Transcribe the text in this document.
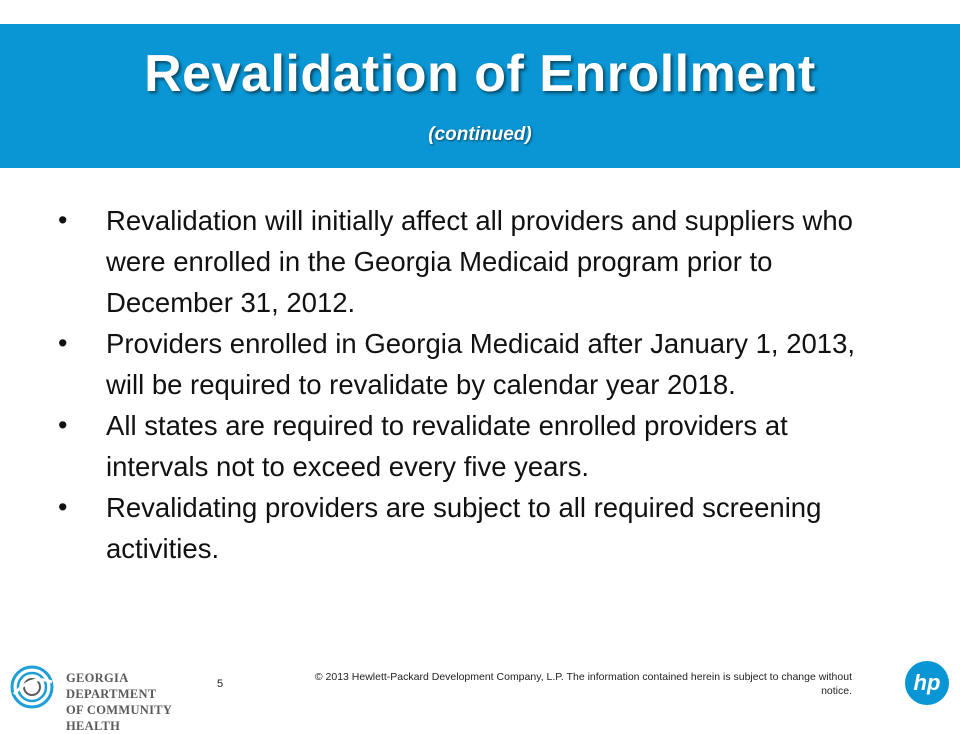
Revalidation of Enrollment
(continued)
• Revalidation will initially affect all providers and suppliers who were enrolled in the Georgia Medicaid program prior to December 31, 2012.
• Providers enrolled in Georgia Medicaid after January 1, 2013, will be required to revalidate by calendar year 2018.
• All states are required to revalidate enrolled providers at intervals not to exceed every five years.
• Revalidating providers are subject to all required screening activities.
GEORGIA DEPARTMENT
OF COMMUNITY HEALTH
5
© 2013 Hewlett-Packard Development Company, L.P. The information contained herein is subject to change without
notice.	hp
